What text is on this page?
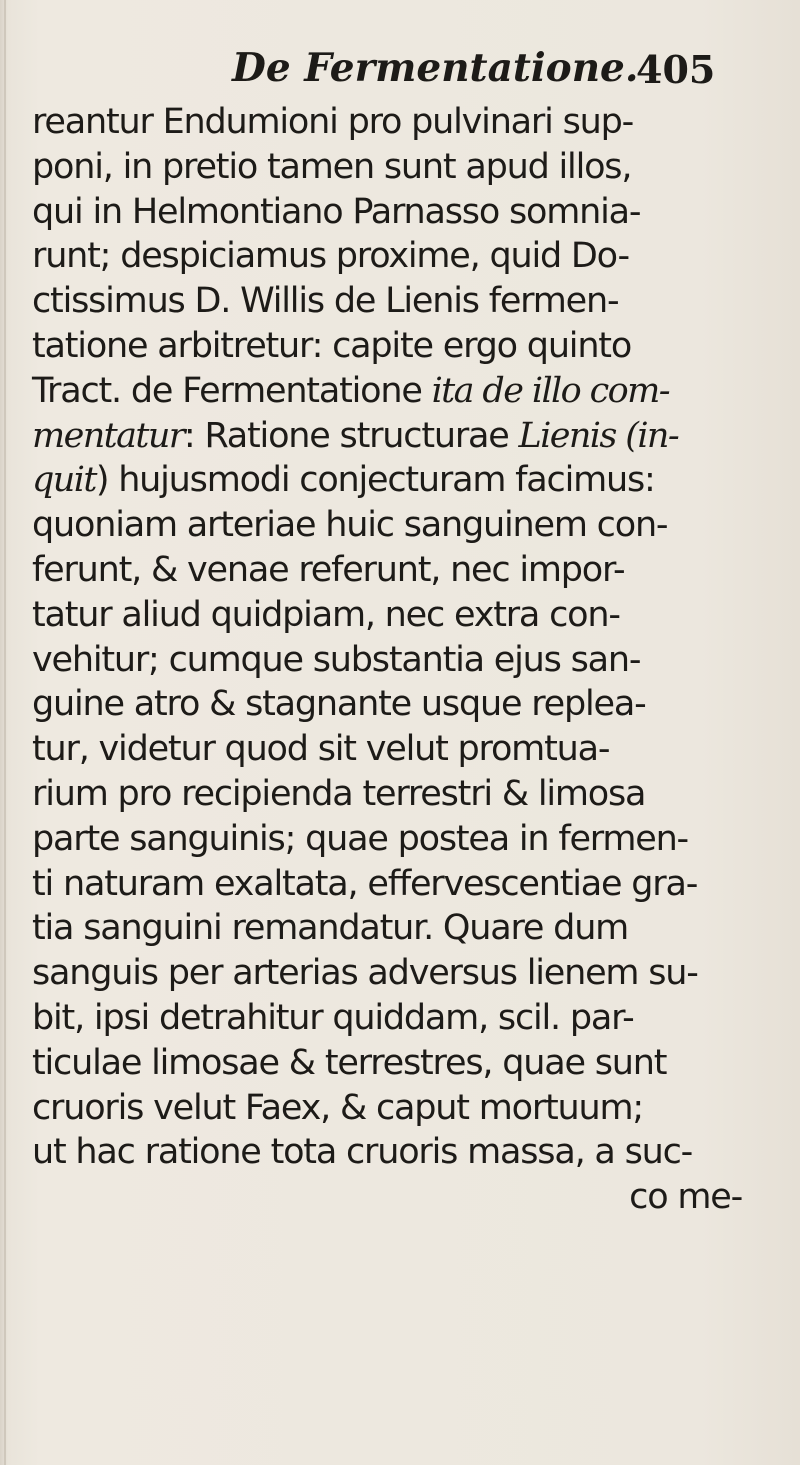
De Fermentatione.
405
reantur Endumioni pro pulvinari sup-
poni, in pretio tamen sunt apud illos,
qui in Helmontiano Parnasso somnia-
runt; despiciamus proxime, quid Do-
ctissimus D. Willis de Lienis fermen-
tatione arbitretur: capite ergo quinto
Tract. de Fermentatione ita de illo com-
mentatur: Ratione structurae Lienis (in-
quit) hujusmodi conjecturam facimus:
quoniam arteriae huic sanguinem con-
ferunt, & venae referunt, nec impor-
tatur aliud quidpiam, nec extra con-
vehitur; cumque substantia ejus san-
guine atro & stagnante usque replea-
tur, videtur quod sit velut promtua-
rium pro recipienda terrestri & limosa
parte sanguinis; quae postea in fermen-
ti naturam exaltata, effervescentiae gra-
tia sanguini remandatur. Quare dum
sanguis per arterias adversus lienem su-
bit, ipsi detrahitur quiddam, scil. par-
ticulae limosae & terrestres, quae sunt
cruoris velut Faex, & caput mortuum;
ut hac ratione tota cruoris massa, a suc-
co me-
